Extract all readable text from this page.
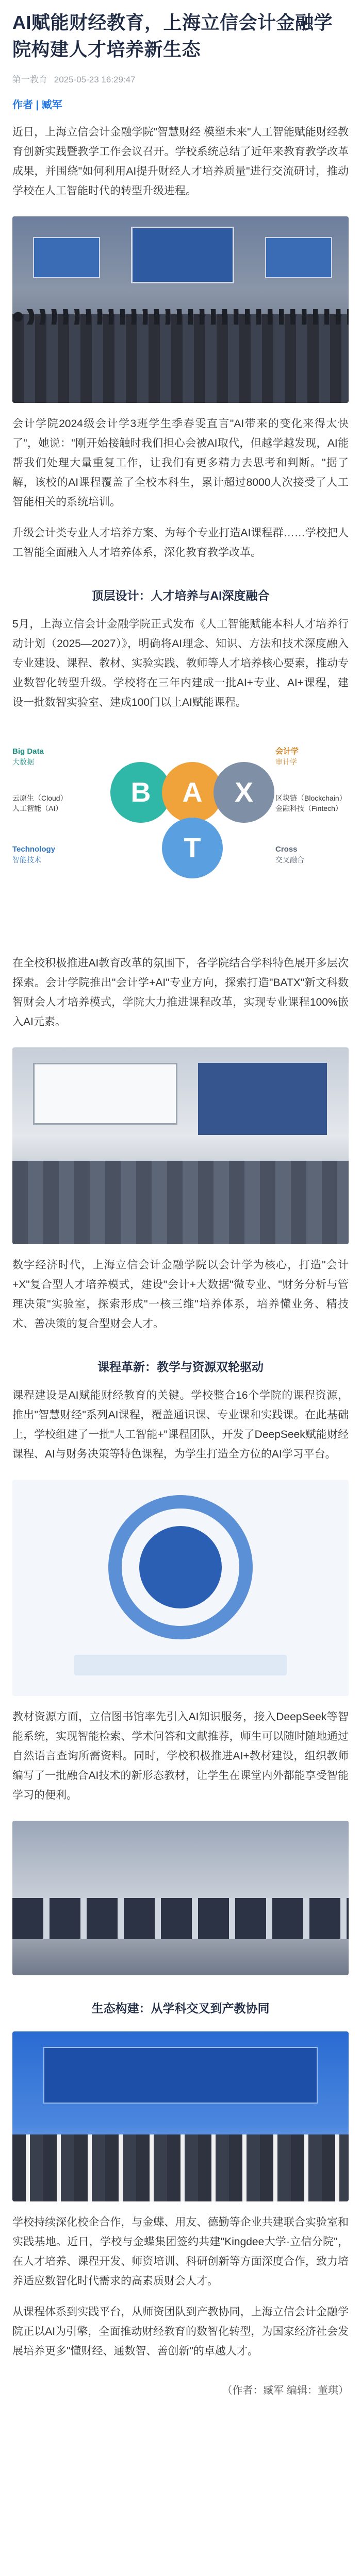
AI赋能财经教育，上海立信会计金融学院构建人才培养新生态
第一教育 2025-05-23 16:29:47
作者 | 臧军

近日，上海立信会计金融学院"智慧财经 模塑未来"人工智能赋能财经教育创新实践暨教学工作会议召开。学校系统总结了近年来教育教学改革成果，并围绕"如何利用AI提升财经人才培养质量"进行交流研讨，推动学校在人工智能时代的转型升级进程。

会计学院2024级会计学3班学生季春雯直言"AI带来的变化来得太快了"，她说："刚开始接触时我们担心会被AI取代，但越学越发现，AI能帮我们处理大量重复工作，让我们有更多精力去思考和判断。"据了解，该校的AI课程覆盖了全校本科生，累计超过8000人次接受了人工智能相关的系统培训。

升级会计类专业人才培养方案、为每个专业打造AI课程群……学校把人工智能全面融入人才培养体系，深化教育教学改革。

顶层设计：人才培养与AI深度融合

5月，上海立信会计金融学院正式发布《人工智能赋能本科人才培养行动计划（2025—2027）》，明确将AI理念、知识、方法和技术深度融入专业建设、课程、教材、实验实践、教师等人才培养核心要素，推动专业数智化转型升级。学校将在三年内建成一批AI+专业、AI+课程，建设一批数智实验室、建成100门以上AI赋能课程。

B	A
T
X
Big Data
大数据
会计学
审计学
云原生（Cloud）
人工智能（AI）
区块链（Blockchain）
金融科技（Fintech）
Technology
智能技术
Cross
交叉融合

在全校积极推进AI教育改革的氛围下，各学院结合学科特色展开多层次探索。会计学院推出"会计学+AI"专业方向，探索打造"BATX"新文科数智财会人才培养模式，学院大力推进课程改革，实现专业课程100%嵌入AI元素。

数字经济时代，上海立信会计金融学院以会计学为核心，打造"会计+X"复合型人才培养模式，建设"会计+大数据"微专业、"财务分析与管理决策"实验室，探索形成"一核三维"培养体系，培养懂业务、精技术、善决策的复合型财会人才。

课程革新：教学与资源双轮驱动

课程建设是AI赋能财经教育的关键。学校整合16个学院的课程资源，推出"智慧财经"系列AI课程，覆盖通识课、专业课和实践课。在此基础上，学校组建了一批"人工智能+"课程团队，开发了DeepSeek赋能财经课程、AI与财务决策等特色课程，为学生打造全方位的AI学习平台。

教材资源方面，立信图书馆率先引入AI知识服务，接入DeepSeek等智能系统，实现智能检索、学术问答和文献推荐，师生可以随时随地通过自然语言查询所需资料。同时，学校积极推进AI+教材建设，组织教师编写了一批融合AI技术的新形态教材，让学生在课堂内外都能享受智能学习的便利。

生态构建：从学科交叉到产教协同

学校持续深化校企合作，与金蝶、用友、德勤等企业共建联合实验室和实践基地。近日，学校与金蝶集团签约共建"Kingdee大学·立信分院"，在人才培养、课程开发、师资培训、科研创新等方面深度合作，致力培养适应数智化时代需求的高素质财会人才。

从课程体系到实践平台，从师资团队到产教协同，上海立信会计金融学院正以AI为引擎，全面推动财经教育的数智化转型，为国家经济社会发展培养更多"懂财经、通数智、善创新"的卓越人才。

（作者：臧军 编辑：董琪）
